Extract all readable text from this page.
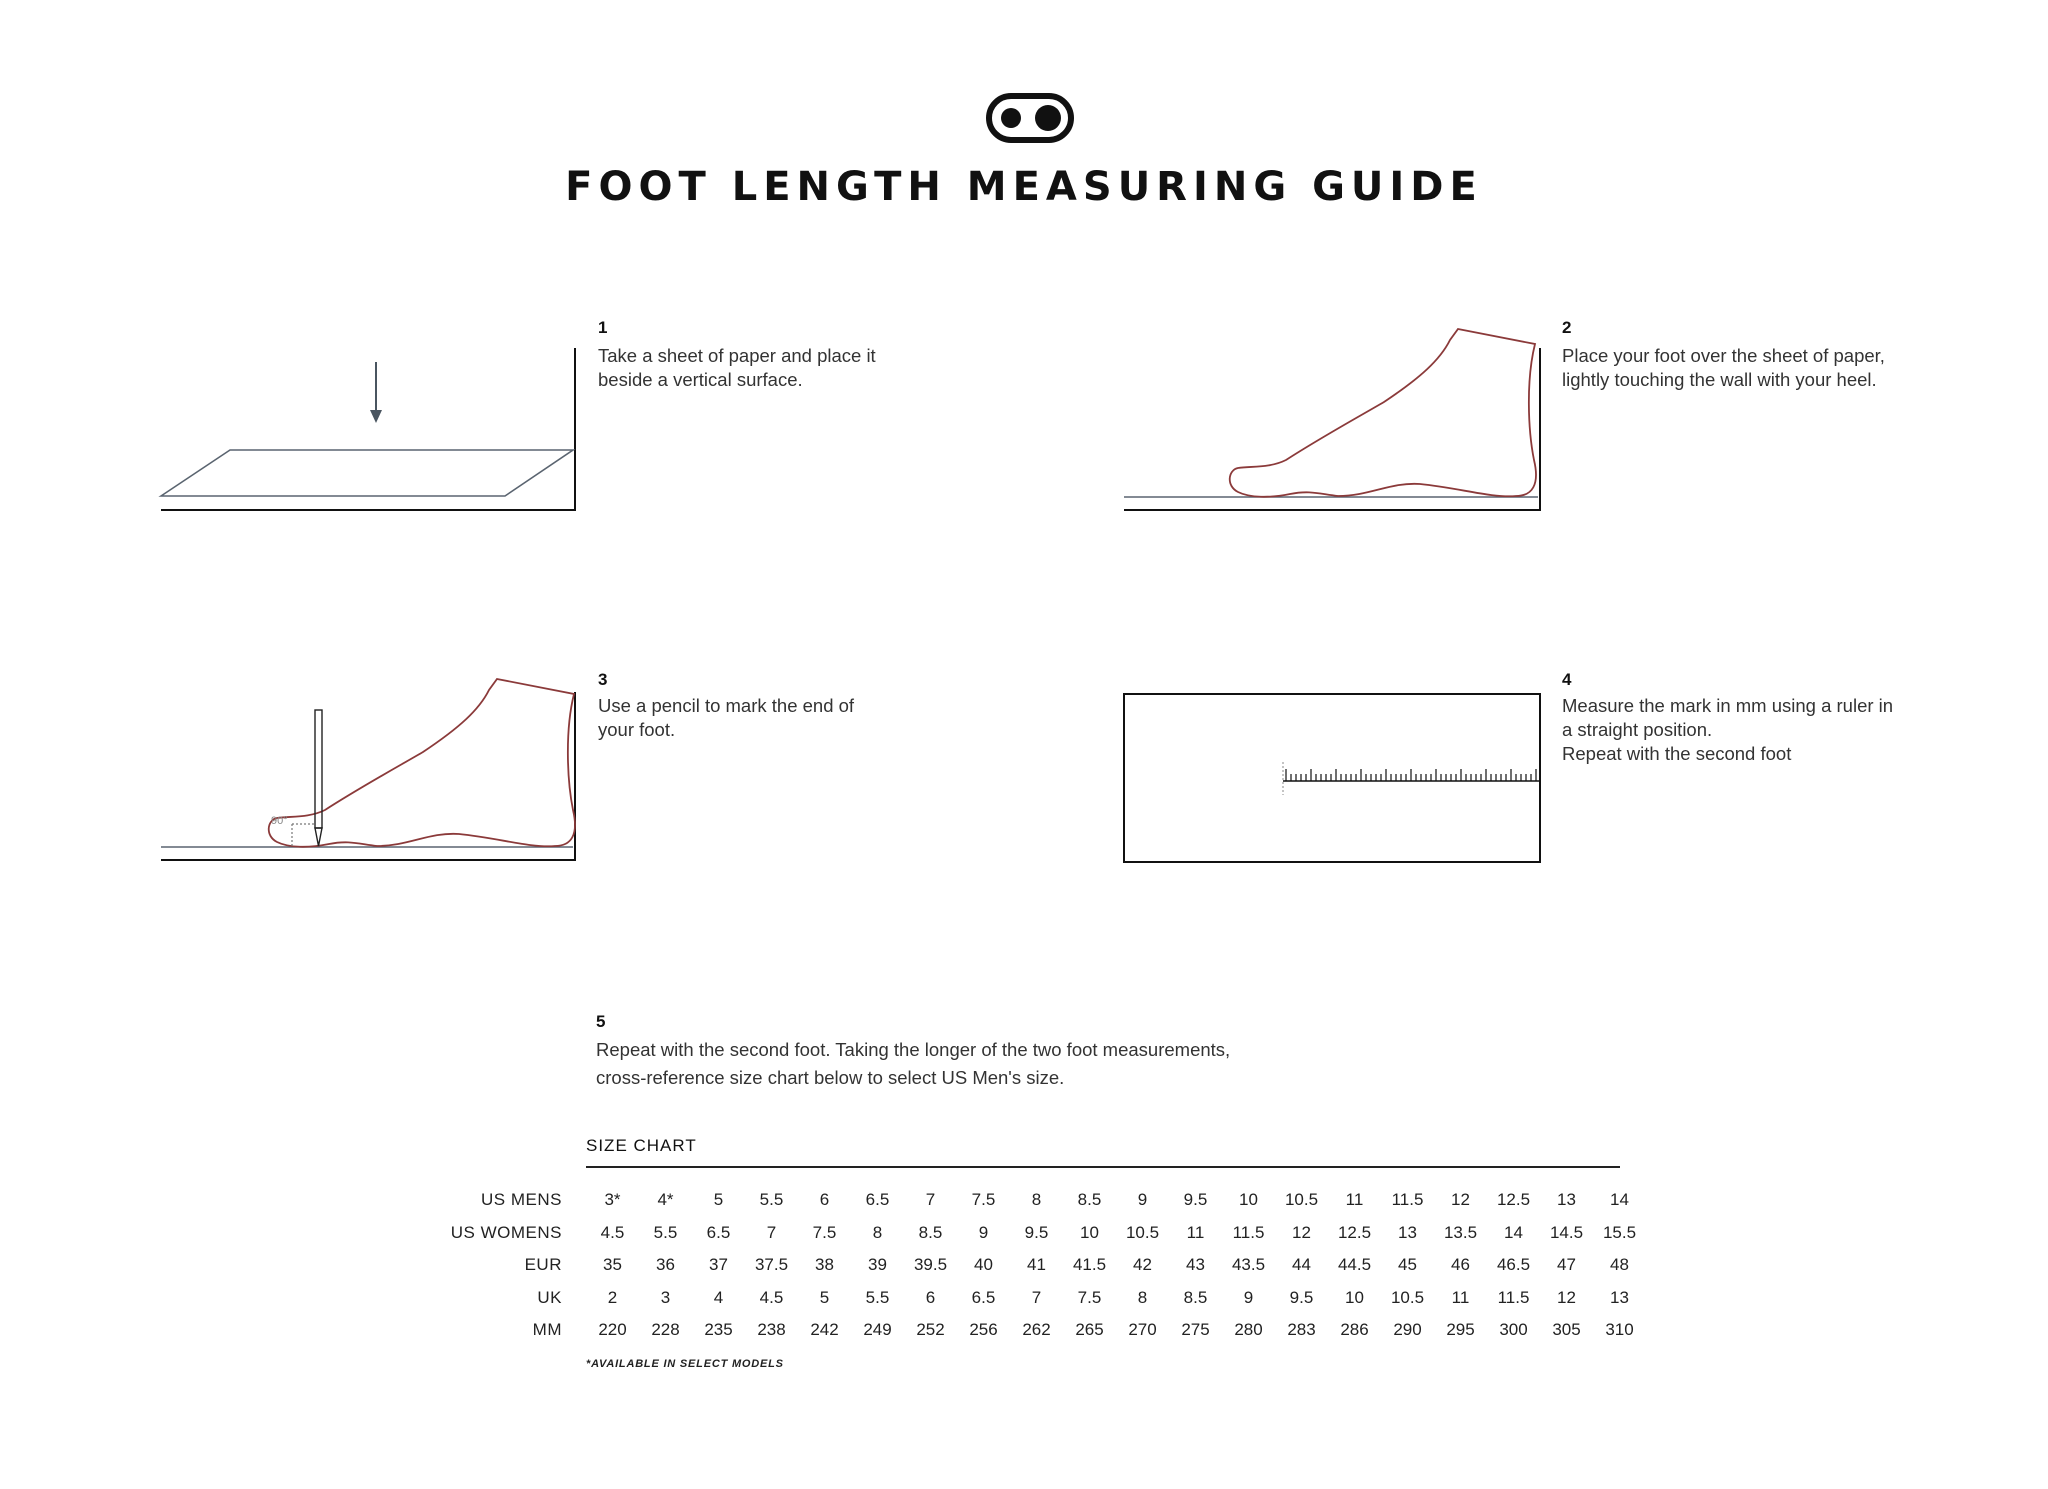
FOOT LENGTH MEASURING GUIDE
1
Take a sheet of paper and place it
beside a vertical surface.
2
Place your foot over the sheet of paper,
lightly touching the wall with your heel.
90°
3
Use a pencil to mark the end of
your foot.
4
Measure the mark in mm using a ruler in
a straight position.
Repeat with the second foot
5
Repeat with the second foot. Taking the longer of the two foot measurements,
cross-reference size chart below to select US Men's size.
SIZE CHART
US MENS	3*	4*	5	5.5	6	6.5	7	7.5	8	8.5	9	9.5	10	10.5	11	11.5	12	12.5	13	14
US WOMENS	4.5	5.5	6.5	7	7.5	8	8.5	9	9.5	10	10.5	11	11.5	12	12.5	13	13.5	14	14.5	15.5
EUR	35	36	37	37.5	38	39	39.5	40	41	41.5	42	43	43.5	44	44.5	45	46	46.5	47	48
UK	2	3	4	4.5	5	5.5	6	6.5	7	7.5	8	8.5	9	9.5	10	10.5	11	11.5	12	13
MM	220	228	235	238	242	249	252	256	262	265	270	275	280	283	286	290	295	300	305	310
*AVAILABLE IN SELECT MODELS
